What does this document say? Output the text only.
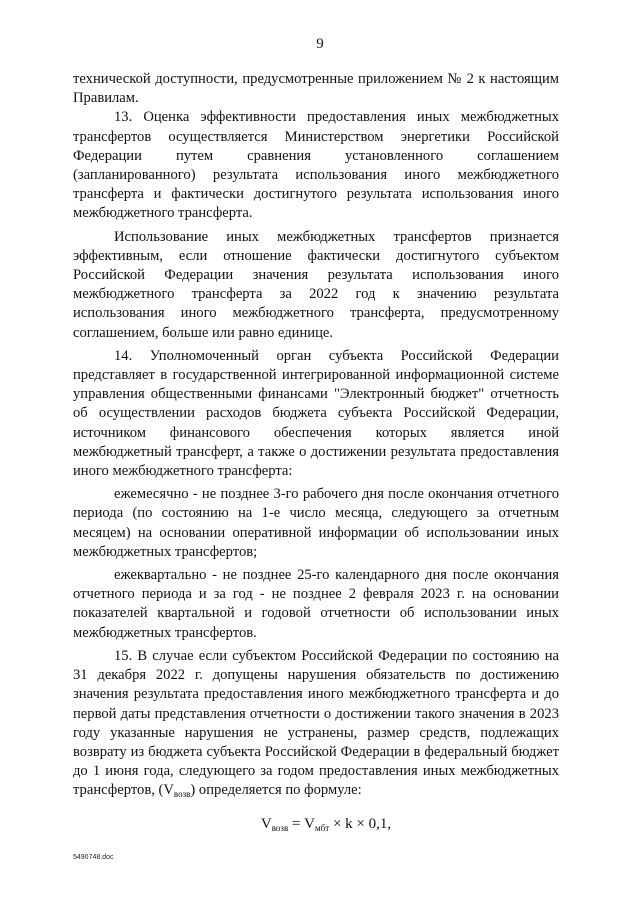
9

технической доступности, предусмотренные приложением № 2 к настоящим Правилам.

13. Оценка эффективности предоставления иных межбюджетных трансфертов осуществляется Министерством энергетики Российской Федерации путем сравнения установленного соглашением (запланированного) результата использования иного межбюджетного трансферта и фактически достигнутого результата использования иного межбюджетного трансферта.

Использование иных межбюджетных трансфертов признается эффективным, если отношение фактически достигнутого субъектом Российской Федерации значения результата использования иного межбюджетного трансферта за 2022 год к значению результата использования иного межбюджетного трансферта, предусмотренному соглашением, больше или равно единице.

14. Уполномоченный орган субъекта Российской Федерации представляет в государственной интегрированной информационной системе управления общественными финансами "Электронный бюджет" отчетность об осуществлении расходов бюджета субъекта Российской Федерации, источником финансового обеспечения которых является иной межбюджетный трансферт, а также о достижении результата предоставления иного межбюджетного трансферта:

ежемесячно - не позднее 3-го рабочего дня после окончания отчетного периода (по состоянию на 1-е число месяца, следующего за отчетным месяцем) на основании оперативной информации об использовании иных межбюджетных трансфертов;

ежеквартально - не позднее 25-го календарного дня после окончания отчетного периода и за год - не позднее 2 февраля 2023 г. на основании показателей квартальной и годовой отчетности об использовании иных межбюджетных трансфертов.

15. В случае если субъектом Российской Федерации по состоянию на 31 декабря 2022 г. допущены нарушения обязательств по достижению значения результата предоставления иного межбюджетного трансферта и до первой даты представления отчетности о достижении такого значения в 2023 году указанные нарушения не устранены, размер средств, подлежащих возврату из бюджета субъекта Российской Федерации в федеральный бюджет до 1 июня года, следующего за годом предоставления иных межбюджетных трансфертов, $(V_{возв})$ определяется по формуле:

$V_{возв} = V_{мбт} \times k \times 0,1$,
5490748.doc
